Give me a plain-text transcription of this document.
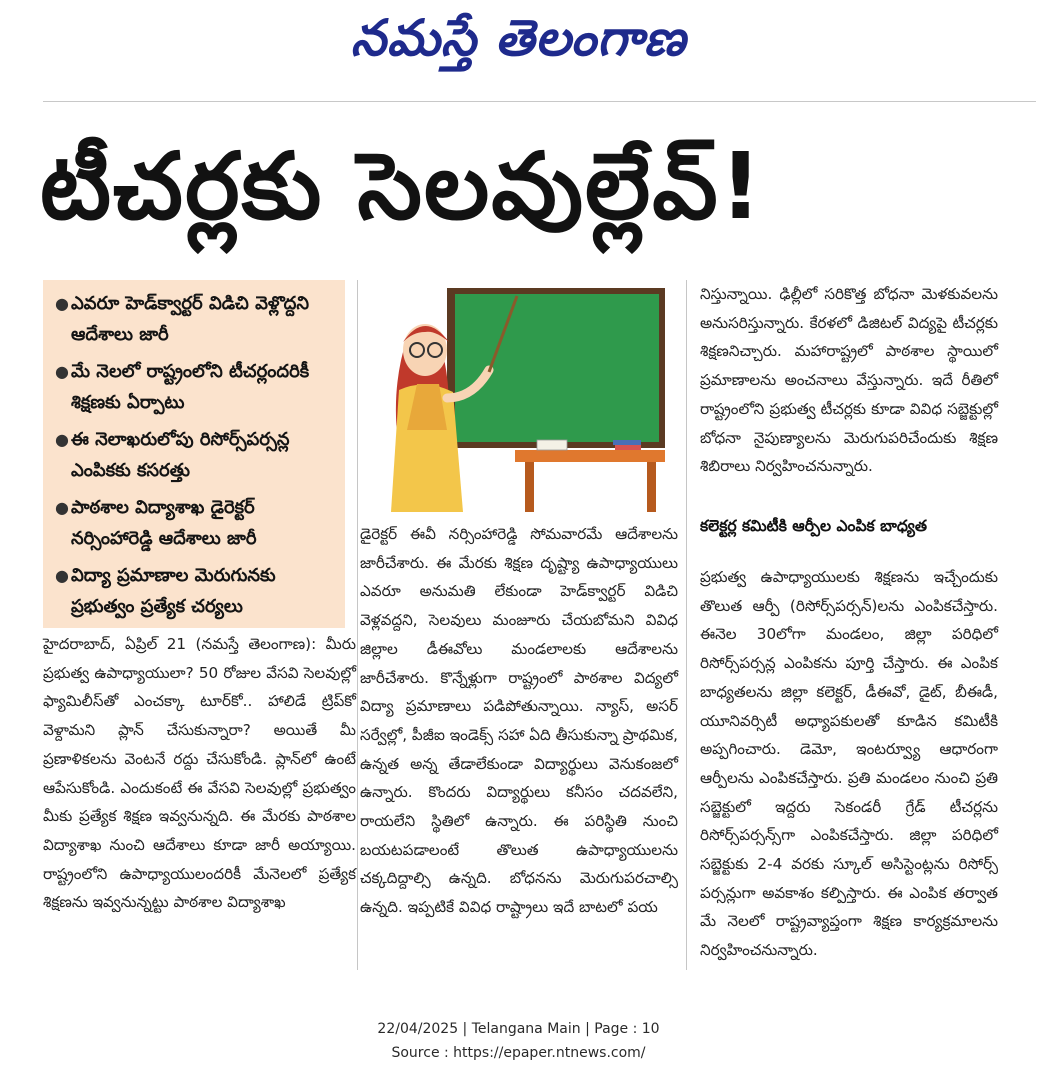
నమస్తే తెలంగాణ
టీచర్లకు సెలవుల్లేవ్!
● ఎవరూ హెడ్‌క్వార్టర్ విడిచి వెళ్లొద్దని ఆదేశాలు జారీ
● మే నెలలో రాష్ట్రంలోని టీచర్లందరికీ శిక్షణకు ఏర్పాటు
● ఈ నెలాఖరులోపు రిసోర్స్‌పర్సన్ల ఎంపికకు కసరత్తు
● పాఠశాల విద్యాశాఖ డైరెక్టర్ నర్సింహారెడ్డి ఆదేశాలు జారీ
● విద్యా ప్రమాణాల మెరుగునకు ప్రభుత్వం ప్రత్యేక చర్యలు
హైదరాబాద్, ఏప్రిల్ 21 (నమస్తే తెలంగాణ): మీరు ప్రభుత్వ ఉపాధ్యాయులా? 50 రోజుల వేసవి సెలవుల్లో ఫ్యామిలీస్‌తో ఎంచక్కా టూర్‌కో.. హాలిడే ట్రిప్‌కో వెళ్దామని ప్లాన్ చేసుకున్నారా? అయితే మీ ప్రణాళికలను వెంటనే రద్దు చేసుకోండి. ప్లాన్‌లో ఉంటే ఆపేసుకోండి. ఎందుకంటే ఈ వేసవి సెలవుల్లో ప్రభుత్వం మీకు ప్రత్యేక శిక్షణ ఇవ్వనున్నది. ఈ మేరకు పాఠశాల విద్యాశాఖ నుంచి ఆదేశాలు కూడా జారీ అయ్యాయి. రాష్ట్రంలోని ఉపాధ్యాయులందరికీ మేనెలలో ప్రత్యేక శిక్షణను ఇవ్వనున్నట్టు పాఠశాల విద్యాశాఖ
డైరెక్టర్ ఈవీ నర్సింహారెడ్డి సోమవారమే ఆదేశాలను జారీచేశారు. ఈ మేరకు శిక్షణ దృష్ట్యా ఉపాధ్యాయులు ఎవరూ అనుమతి లేకుండా హెడ్‌క్వార్టర్ విడిచి వెళ్లవద్దని, సెలవులు మంజూరు చేయబోమని వివిధ జిల్లాల డీఈవోలు మండలాలకు ఆదేశాలను జారీచేశారు. కొన్నేళ్లుగా రాష్ట్రంలో పాఠశాల విద్యలో విద్యా ప్రమాణాలు పడిపోతున్నాయి. న్యాస్, అసర్ సర్వేల్లో, పీజీఐ ఇండెక్స్ సహా ఏది తీసుకున్నా ప్రాథమిక, ఉన్నత అన్న తేడాలేకుండా విద్యార్థులు వెనుకంజలో ఉన్నారు. కొందరు విద్యార్థులు కనీసం చదవలేని, రాయలేని స్థితిలో ఉన్నారు. ఈ పరిస్థితి నుంచి బయటపడాలంటే తొలుత ఉపాధ్యాయులను చక్కదిద్దాల్సి ఉన్నది. బోధనను మెరుగుపరచాల్సి ఉన్నది. ఇప్పటికే వివిధ రాష్ట్రాలు ఇదే బాటలో పయ
నిస్తున్నాయి. ఢిల్లీలో సరికొత్త బోధనా మెళకువలను అనుసరిస్తున్నారు. కేరళలో డిజిటల్ విద్యపై టీచర్లకు శిక్షణనిచ్చారు. మహారాష్ట్రలో పాఠశాల స్థాయిలో ప్రమాణాలను అంచనాలు వేస్తున్నారు. ఇదే రీతిలో రాష్ట్రంలోని ప్రభుత్వ టీచర్లకు కూడా వివిధ సబ్జెక్టుల్లో బోధనా నైపుణ్యాలను మెరుగుపరిచేందుకు శిక్షణ శిబిరాలు నిర్వహించనున్నారు.
కలెక్టర్ల కమిటీకి ఆర్పీల ఎంపిక బాధ్యత
ప్రభుత్వ ఉపాధ్యాయులకు శిక్షణను ఇచ్చేందుకు తొలుత ఆర్పీ (రిసోర్స్‌పర్సన్)లను ఎంపికచేస్తారు. ఈనెల 30లోగా మండలం, జిల్లా పరిధిలో రిసోర్స్‌పర్సన్ల ఎంపికను పూర్తి చేస్తారు. ఈ ఎంపిక బాధ్యతలను జిల్లా కలెక్టర్, డీఈవో, డైట్, బీఈడీ, యూనివర్సిటీ అధ్యాపకులతో కూడిన కమిటీకి అప్పగించారు. డెమో, ఇంటర్వ్యూ ఆధారంగా ఆర్పీలను ఎంపికచేస్తారు. ప్రతి మండలం నుంచి ప్రతి సబ్జెక్టులో ఇద్దరు సెకండరీ గ్రేడ్ టీచర్లను రిసోర్స్‌పర్సన్స్‌గా ఎంపికచేస్తారు. జిల్లా పరిధిలో సబ్జెక్టుకు 2-4 వరకు స్కూల్ అసిస్టెంట్లను రిసోర్స్ పర్సన్లుగా అవకాశం కల్పిస్తారు. ఈ ఎంపిక తర్వాత మే నెలలో రాష్ట్రవ్యాప్తంగా శిక్షణ కార్యక్రమాలను నిర్వహించనున్నారు.
22/04/2025 | Telangana Main | Page : 10
Source : https://epaper.ntnews.com/
